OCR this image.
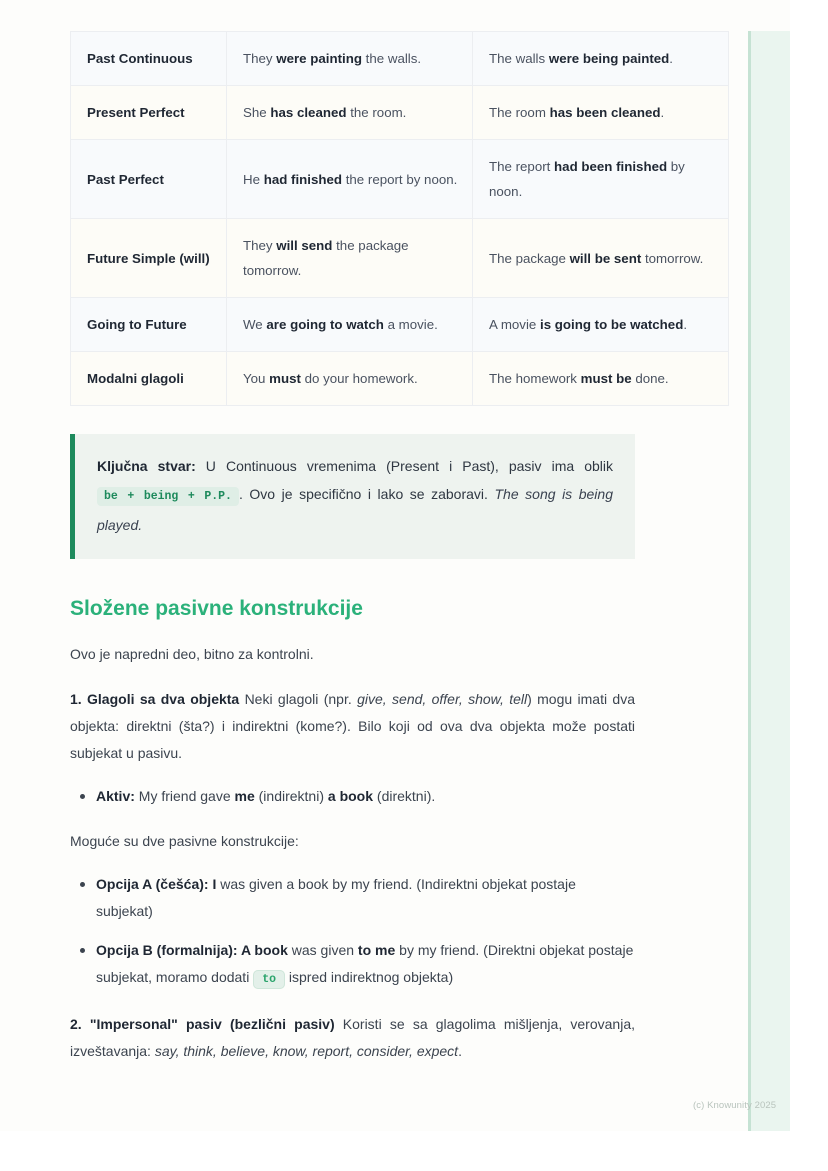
Past Continuous	They were painting the walls.	The walls were being painted.
Present Perfect	She has cleaned the room.	The room has been cleaned.
Past Perfect	He had finished the report by noon.	The report had been finished by noon.
Future Simple (will)	They will send the package tomorrow.	The package will be sent tomorrow.
Going to Future	We are going to watch a movie.	A movie is going to be watched.
Modalni glagoli	You must do your homework.	The homework must be done.

Ključna stvar: U Continuous vremenima (Present i Past), pasiv ima oblik be + being + P.P. . Ovo je specifično i lako se zaboravi. The song is being played.

Složene pasivne konstrukcije

Ovo je napredni deo, bitno za kontrolni.

1. Glagoli sa dva objekta Neki glagoli (npr. give, send, offer, show, tell) mogu imati dva objekta: direktni (šta?) i indirektni (kome?). Bilo koji od ova dva objekta može postati subjekat u pasivu.

Aktiv: My friend gave me (indirektni) a book (direktni).

Moguće su dve pasivne konstrukcije:

Opcija A (češća): I was given a book by my friend. (Indirektni objekat postaje subjekat)
Opcija B (formalnija): A book was given to me by my friend. (Direktni objekat postaje subjekat, moramo dodati to ispred indirektnog objekta)

2. "Impersonal" pasiv (bezlični pasiv) Koristi se sa glagolima mišljenja, verovanja, izveštavanja: say, think, believe, know, report, consider, expect.

(c) Knowunity 2025
